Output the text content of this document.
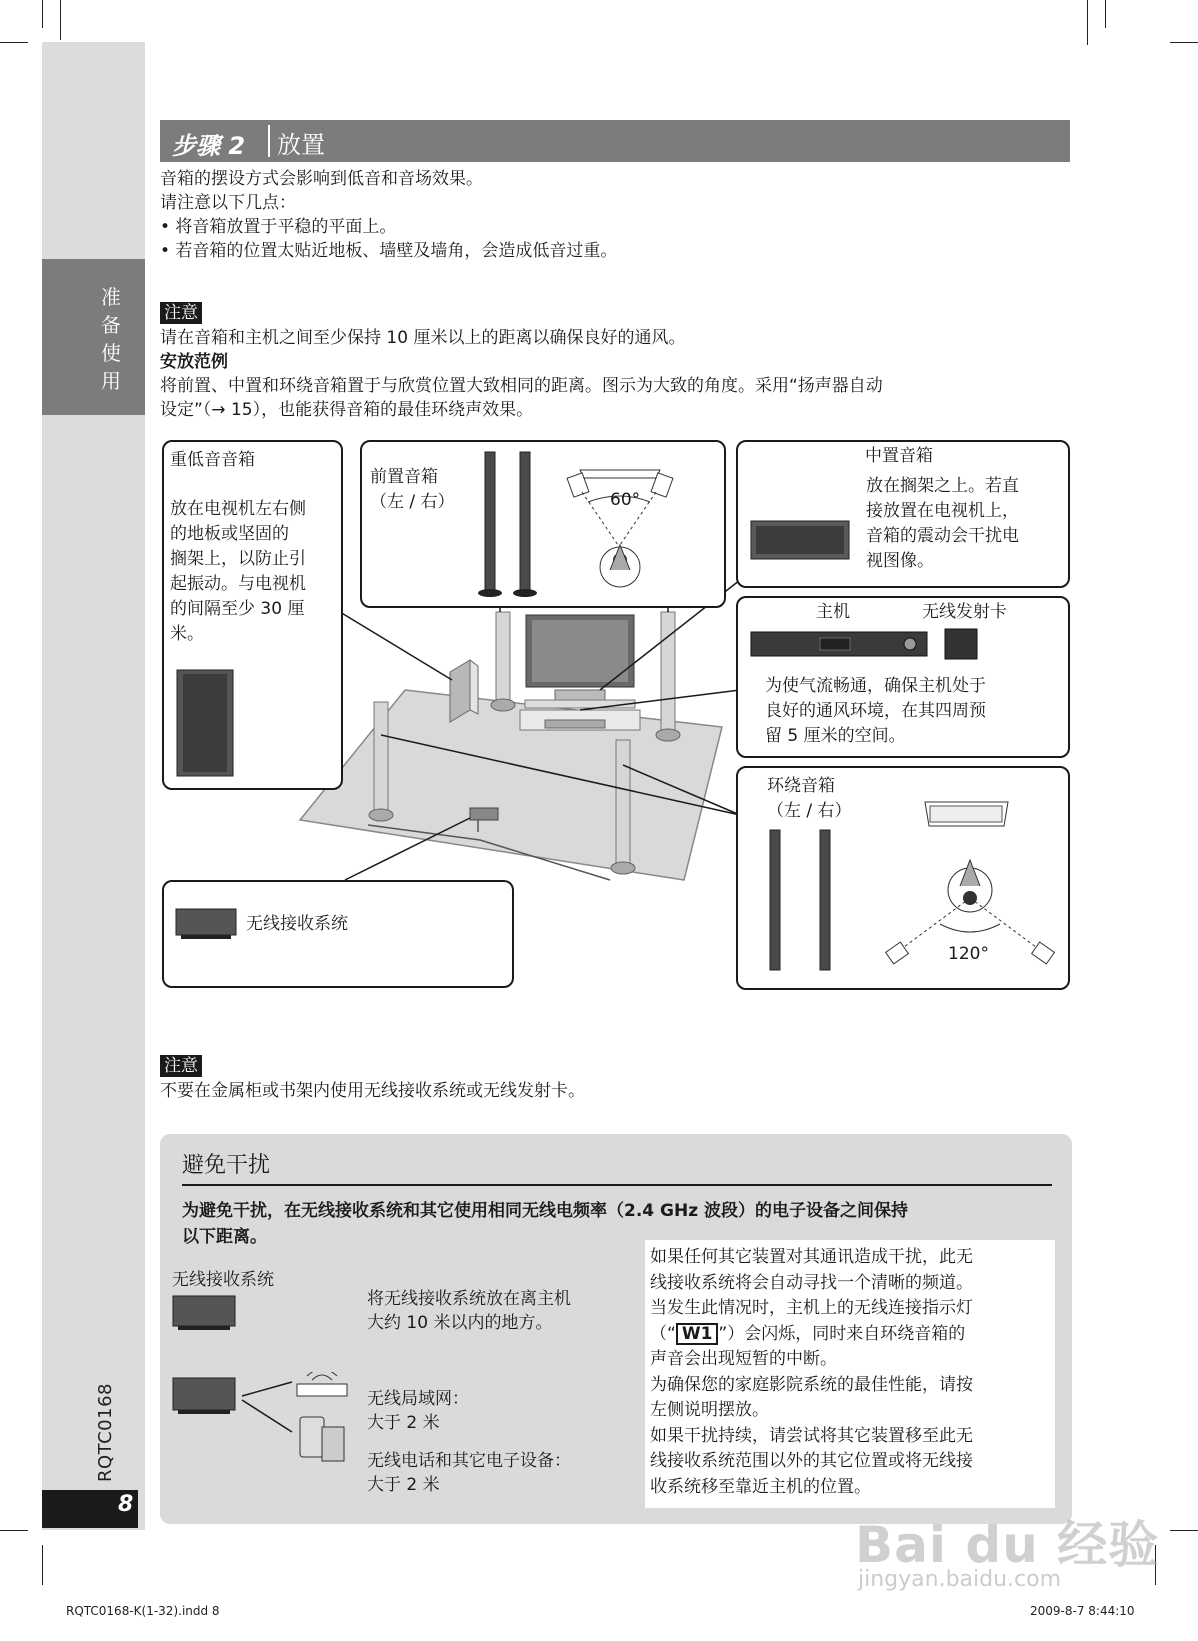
准
备
使
用
RQTC0168
8
步骤 2 放置
音箱的摆设方式会影响到低音和音场效果。
请注意以下几点：
• 将音箱放置于平稳的平面上。
• 若音箱的位置太贴近地板、墙壁及墙角，会造成低音过重。
注意
请在音箱和主机之间至少保持 10 厘米以上的距离以确保良好的通风。
安放范例
将前置、中置和环绕音箱置于与欣赏位置大致相同的距离。图示为大致的角度。采用“扬声器自动
设定”（→ 15），也能获得音箱的最佳环绕声效果。
重低音音箱
放在电视机左右侧
的地板或坚固的
搁架上，以防止引
起振动。与电视机
的间隔至少 30 厘
米。
前置音箱
（左 / 右）	60°
中置音箱
放在搁架之上。若直
接放置在电视机上，
音箱的震动会干扰电
视图像。
主机	无线发射卡
为使气流畅通，确保主机处于
良好的通风环境，在其四周预
留 5 厘米的空间。
环绕音箱
（左 / 右）
120°
无线接收系统
注意
不要在金属柜或书架内使用无线接收系统或无线发射卡。
避免干扰
为避免干扰，在无线接收系统和其它使用相同无线电频率（2.4 GHz 波段）的电子设备之间保持
以下距离。
无线接收系统
将无线接收系统放在离主机
大约 10 米以内的地方。
无线局域网：
大于 2 米
无线电话和其它电子设备：
大于 2 米
如果任何其它装置对其通讯造成干扰，此无
线接收系统将会自动寻找一个清晰的频道。
当发生此情况时，主机上的无线连接指示灯
（“ W1 ”）会闪烁，同时来自环绕音箱的
声音会出现短暂的中断。
为确保您的家庭影院系统的最佳性能，请按
左侧说明摆放。
如果干扰持续，请尝试将其它装置移至此无
线接收系统范围以外的其它位置或将无线接
收系统移至靠近主机的位置。
Bai du 经验
jingyan.baidu.com
RQTC0168-K(1-32).indd 8	2009-8-7 8:44:10
